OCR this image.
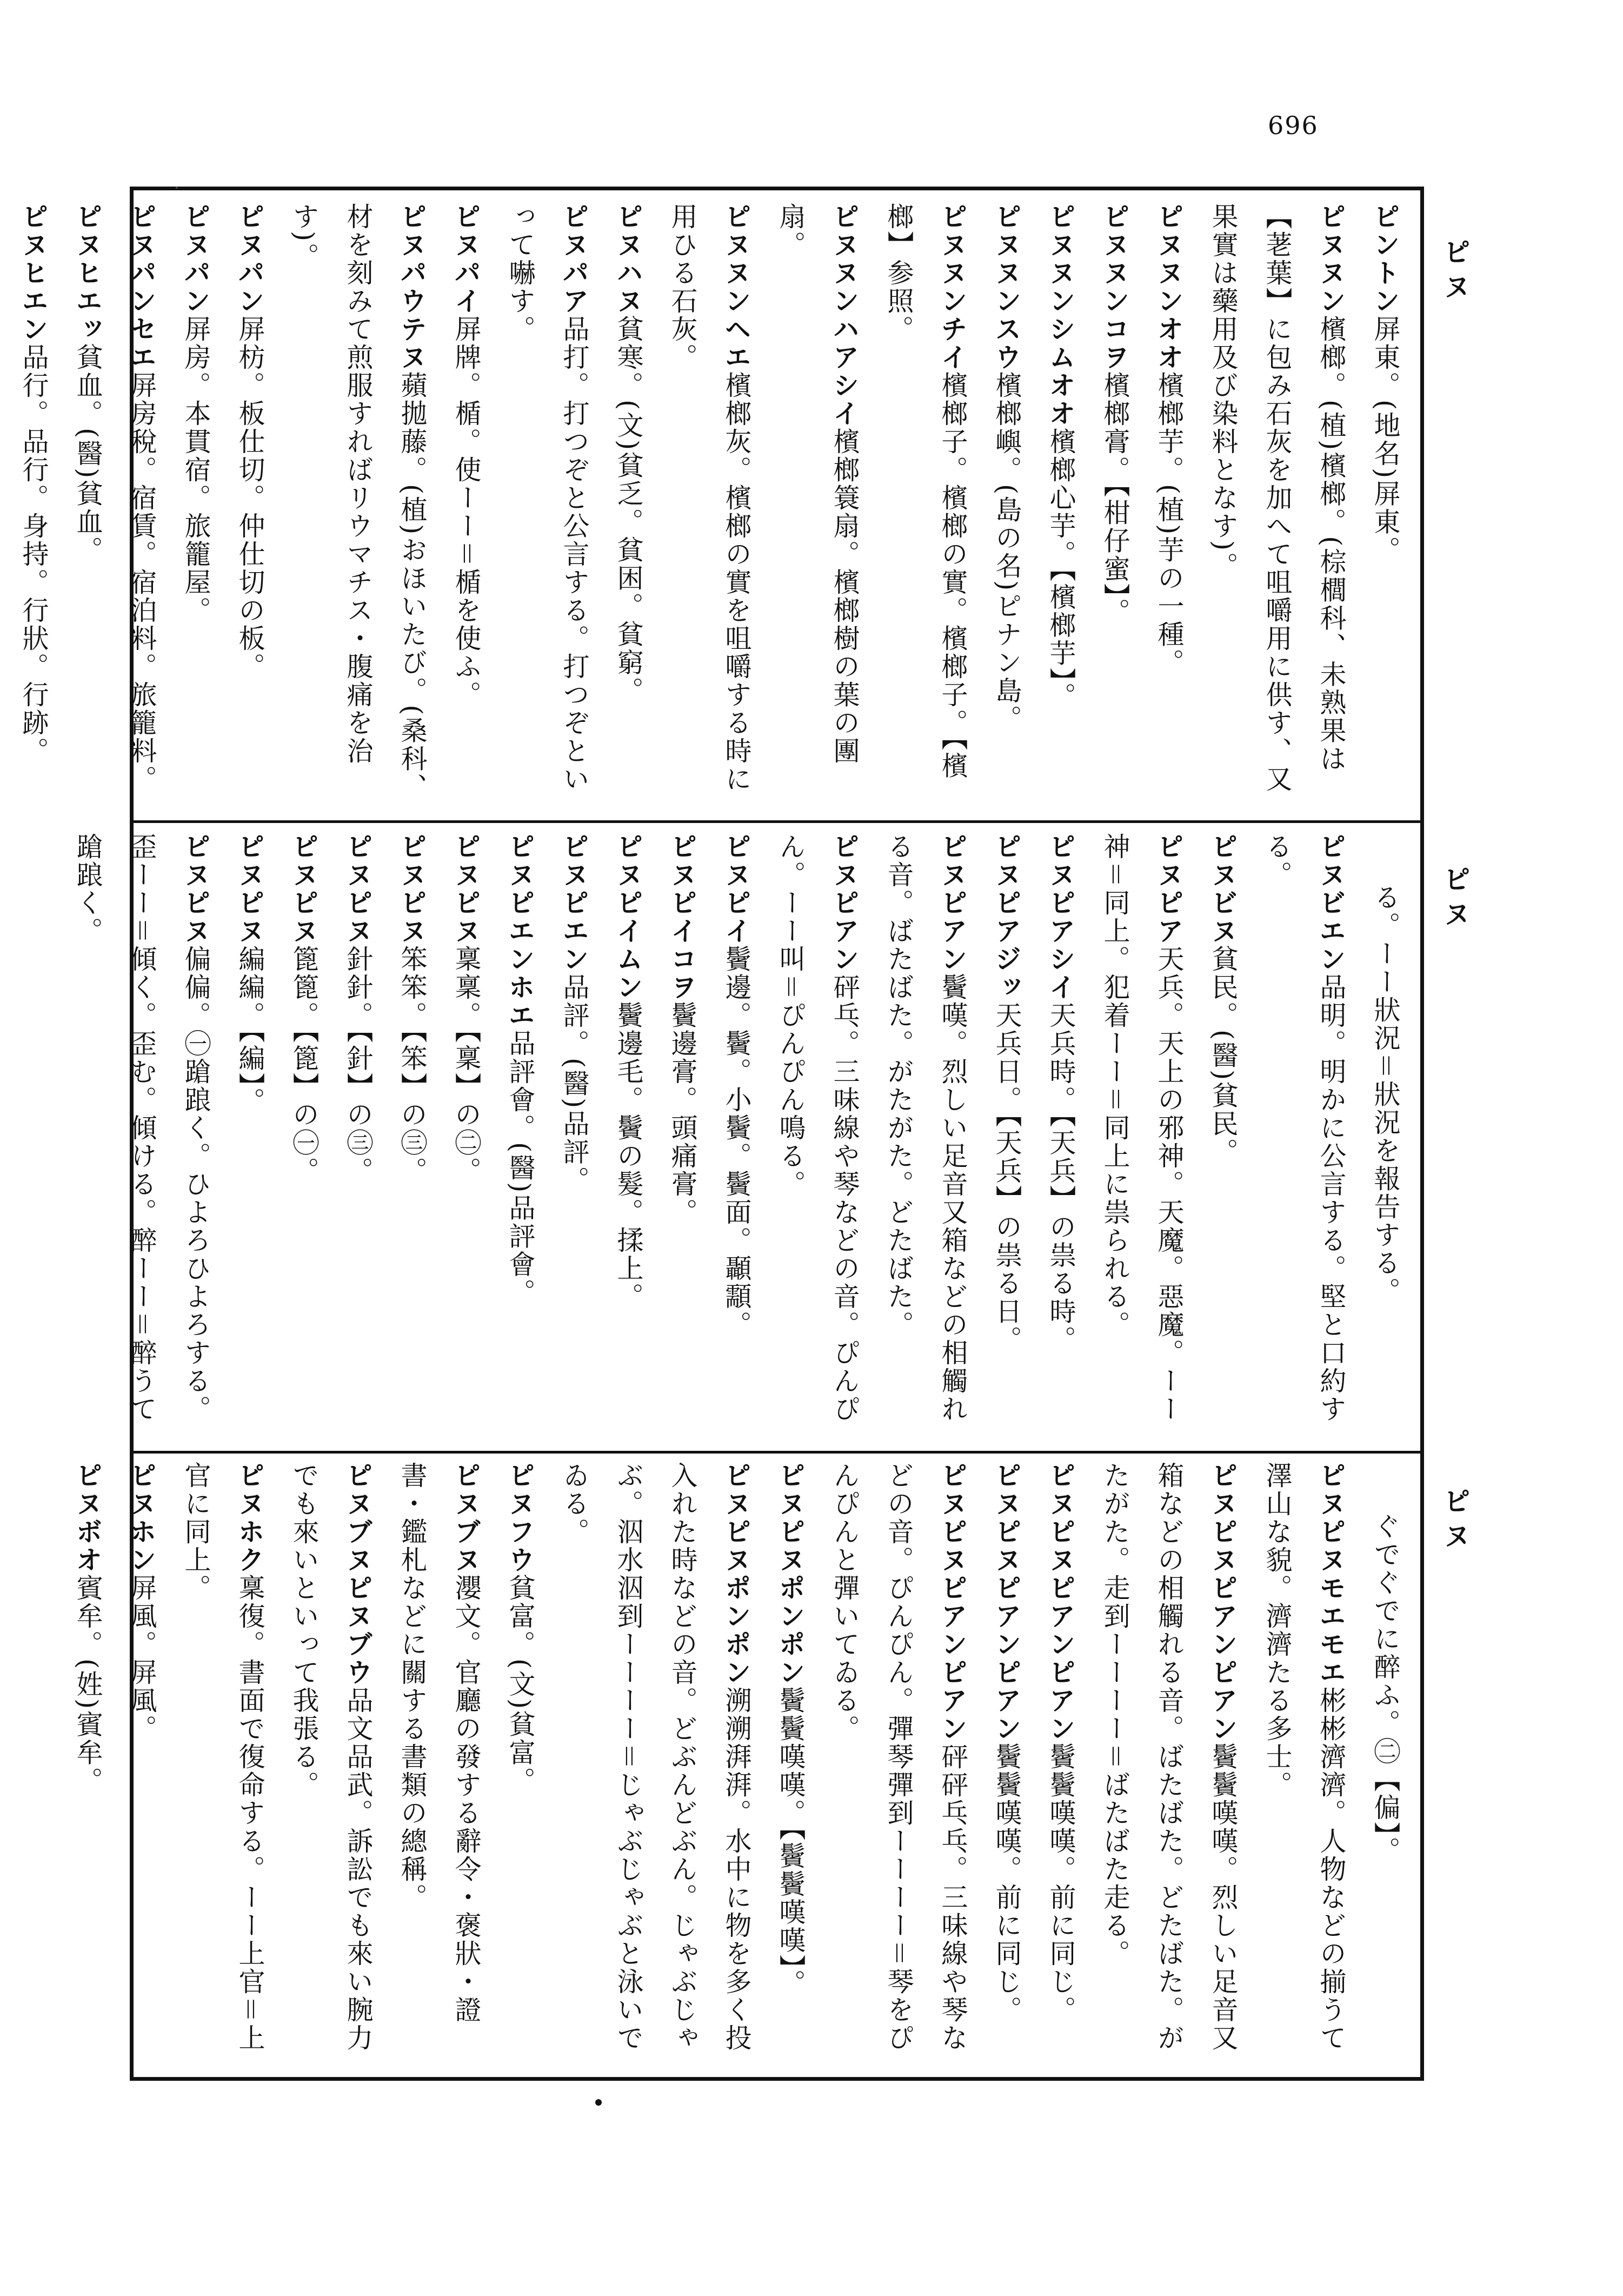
696
ピヌ
ピヌ
ピヌ
ピントン屏東。(地名)屏東。
ピヌヌン檳榔。(植)檳榔。(棕櫚科、未熟果は【荖葉】に包み石灰を加へて咀嚼用に供す、又果實は藥用及び染料となす)。
ピヌヌンオオ檳榔芋。(植)芋の一種。
ピヌヌンコヲ檳榔膏。【柑仔蜜】。
ピヌヌンシムオオ檳榔心芋。【檳榔芋】。
ピヌヌンスウ檳榔嶼。(島の名)ピナン島。
ピヌヌンチイ檳榔子。檳榔の實。檳榔子。【檳榔】参照。
ピヌヌンハアシイ檳榔簑扇。檳榔樹の葉の團扇。
ピヌヌンヘエ檳榔灰。檳榔の實を咀嚼する時に用ひる石灰。
ピヌハヌ貧寒。(文)貧乏。貧困。貧窮。
ピヌパア品打。打つぞと公言する。打つぞといって嚇す。
ピヌパイ屏牌。楯。使ーー＝楯を使ふ。
ピヌパウテヌ蘋拋藤。(植)おほいたび。(桑科、材を刻みて煎服すればリウマチス・腹痛を治す)。
ピヌパン屏枋。板仕切。仲仕切の板。
ピヌパン屏房。本貫宿。旅籠屋。
ピヌパンセエ屏房稅。宿賃。宿泊料。旅籠料。
ピヌヒエッ貧血。(醫)貧血。
ピヌヒエン品行。品行。身持。行狀。行跡。
る。ーー狀況＝狀況を報告する。
ピヌビエン品明。明かに公言する。堅と口約する。
ピヌビヌ貧民。(醫)貧民。
ピヌピア天兵。天上の邪神。天魔。惡魔。ーー神＝同上。犯着ーー＝同上に祟られる。
ピヌピアシイ天兵時。【天兵】の祟る時。
ピヌピアジッ天兵日。【天兵】の祟る日。
ピヌピアン鬢嘆。烈しい足音又箱などの相觸れる音。ばたばた。がたがた。どたばた。
ピヌピアン砰乓。三味線や琴などの音。ぴんぴん。ーー叫＝ぴんぴん鳴る。
ピヌピイ鬢邊。鬢。小鬢。鬢面。顳顬。
ピヌピイコヲ鬢邊膏。頭痛膏。
ピヌピイムン鬢邊毛。鬢の髮。揉上。
ピヌピエン品評。(醫)品評。
ピヌピエンホエ品評會。(醫)品評會。
ピヌピヌ稟稟。【稟】の㊁。
ピヌピヌ笨笨。【笨】の㊂。
ピヌピヌ針針。【針】の㊂。
ピヌピヌ篦篦。【篦】の㊀。
ピヌピヌ編編。【編】。
ピヌピヌ偏偏。㊀蹌踉く。ひよろひよろする。歪ーー＝傾く。歪む。傾ける。醉ーー＝醉うて蹌踉く。
ぐでぐでに醉ふ。㊁【偏】。
ピヌピヌモエモエ彬彬濟濟。人物などの揃うて澤山な貌。濟濟たる多士。
ピヌピヌピアンピアン鬢鬢嘆嘆。烈しい足音又箱などの相觸れる音。ばたばた。どたばた。がたがた。走到ーーーー＝ばたばた走る。
ピヌピヌピアンピアン鬢鬢嘆嘆。前に同じ。
ピヌピヌピアンピアン鬢鬢嘆嘆。前に同じ。
ピヌピヌピアンピアン砰砰乓乓。三味線や琴などの音。ぴんぴん。彈琴彈到ーーーー＝琴をぴんぴんと彈いてゐる。
ピヌピヌポンポン鬢鬢嘆嘆。【鬢鬢嘆嘆】。
ピヌピヌポンポン溯溯湃湃。水中に物を多く投入れた時などの音。どぶんどぶん。じゃぶじゃぶ。泅水泅到ーーーー＝じゃぶじゃぶと泳いでゐる。
ピヌフウ貧富。(文)貧富。
ピヌブヌ瀴文。官廳の發する辭令・褒狀・證書・鑑札などに關する書類の總稱。
ピヌブヌピヌブウ品文品武。訴訟でも來い腕力でも來いといって我張る。
ピヌホク稟復。書面で復命する。ーー上官＝上官に同上。
ピヌホン屏風。屏風。
ピヌボオ賓牟。(姓)賓牟。
